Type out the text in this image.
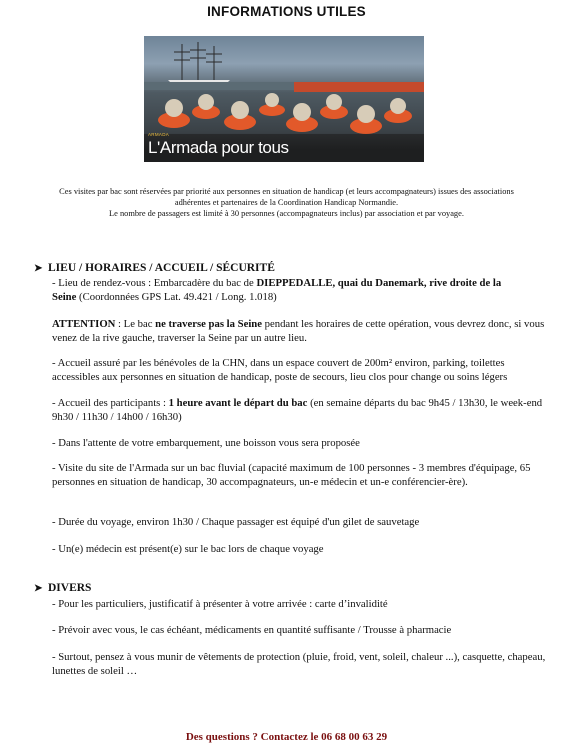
INFORMATIONS UTILES
ARMADA
L'Armada pour tous
Ces visites par bac sont réservées par priorité aux personnes en situation de handicap (et leurs accompagnateurs) issues des associations
adhérentes et partenaires de la Coordination Handicap Normandie.
Le nombre de passagers est limité à 30 personnes (accompagnateurs inclus) par association et par voyage.
➤ LIEU / HORAIRES / ACCUEIL / SÉCURITÉ
- Lieu de rendez-vous : Embarcadère du bac de DIEPPEDALLE, quai du Danemark, rive droite de la
Seine (Coordonnées GPS Lat. 49.421 / Long. 1.018)
ATTENTION : Le bac ne traverse pas la Seine pendant les horaires de cette opération, vous devrez donc, si vous venez de la rive gauche, traverser la Seine par un autre lieu.
- Accueil assuré par les bénévoles de la CHN, dans un espace couvert de 200m² environ, parking, toilettes accessibles aux personnes en situation de handicap, poste de secours, lieu clos pour change ou soins légers
- Accueil des participants : 1 heure avant le départ du bac (en semaine départs du bac 9h45 / 13h30, le week-end 9h30 / 11h30 / 14h00 / 16h30)
- Dans l'attente de votre embarquement, une boisson vous sera proposée
- Visite du site de l'Armada sur un bac fluvial (capacité maximum de 100 personnes - 3 membres d'équipage, 65 personnes en situation de handicap, 30 accompagnateurs, un-e médecin et un-e conférencier-ère).
- Durée du voyage, environ 1h30 / Chaque passager est équipé d'un gilet de sauvetage
- Un(e) médecin est présent(e) sur le bac lors de chaque voyage
➤ DIVERS
- Pour les particuliers, justificatif à présenter à votre arrivée : carte d’invalidité
- Prévoir avec vous, le cas échéant, médicaments en quantité suffisante / Trousse à pharmacie
- Surtout, pensez à vous munir de vêtements de protection (pluie, froid, vent, soleil, chaleur ...), casquette, chapeau, lunettes de soleil …
Des questions ? Contactez le 06 68 00 63 29
